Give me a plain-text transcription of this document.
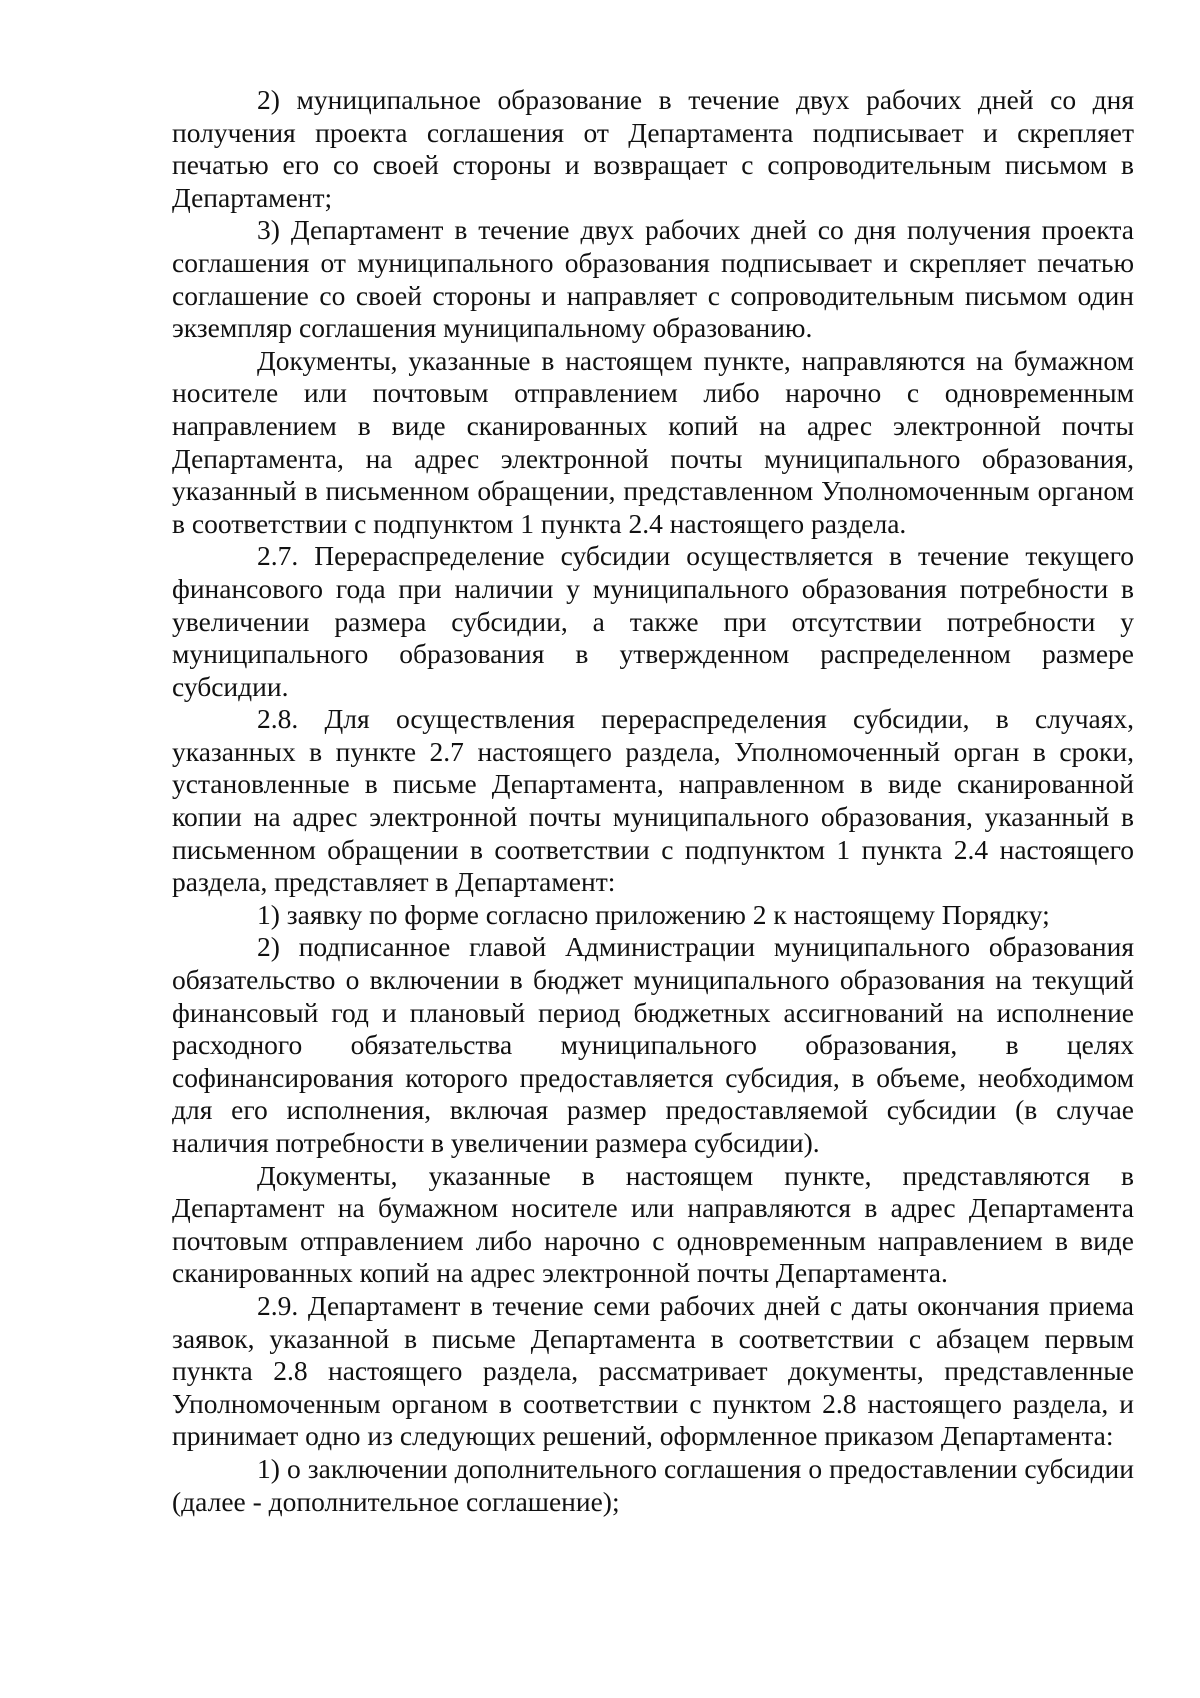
2) муниципальное образование в течение двух рабочих дней со дня получения проекта соглашения от Департамента подписывает и скрепляет печатью его со своей стороны и возвращает с сопроводительным письмом в Департамент;

3) Департамент в течение двух рабочих дней со дня получения проекта соглашения от муниципального образования подписывает и скрепляет печатью соглашение со своей стороны и направляет с сопроводительным письмом один экземпляр соглашения муниципальному образованию.

Документы, указанные в настоящем пункте, направляются на бумажном носителе или почтовым отправлением либо нарочно с одновременным направлением в виде сканированных копий на адрес электронной почты Департамента, на адрес электронной почты муниципального образования, указанный в письменном обращении, представленном Уполномоченным органом в соответствии с подпунктом 1 пункта 2.4 настоящего раздела.

2.7. Перераспределение субсидии осуществляется в течение текущего финансового года при наличии у муниципального образования потребности в увеличении размера субсидии, а также при отсутствии потребности у муниципального образования в утвержденном распределенном размере субсидии.

2.8. Для осуществления перераспределения субсидии, в случаях, указанных в пункте 2.7 настоящего раздела, Уполномоченный орган в сроки, установленные в письме Департамента, направленном в виде сканированной копии на адрес электронной почты муниципального образования, указанный в письменном обращении в соответствии с подпунктом 1 пункта 2.4 настоящего раздела, представляет в Департамент:

1) заявку по форме согласно приложению 2 к настоящему Порядку;

2) подписанное главой Администрации муниципального образования обязательство о включении в бюджет муниципального образования на текущий финансовый год и плановый период бюджетных ассигнований на исполнение расходного обязательства муниципального образования, в целях софинансирования которого предоставляется субсидия, в объеме, необходимом для его исполнения, включая размер предоставляемой субсидии (в случае наличия потребности в увеличении размера субсидии).

Документы, указанные в настоящем пункте, представляются в Департамент на бумажном носителе или направляются в адрес Департамента почтовым отправлением либо нарочно с одновременным направлением в виде сканированных копий на адрес электронной почты Департамента.

2.9. Департамент в течение семи рабочих дней с даты окончания приема заявок, указанной в письме Департамента в соответствии с абзацем первым пункта 2.8 настоящего раздела, рассматривает документы, представленные Уполномоченным органом в соответствии с пунктом 2.8 настоящего раздела, и принимает одно из следующих решений, оформленное приказом Департамента:

1) о заключении дополнительного соглашения о предоставлении субсидии (далее - дополнительное соглашение);
